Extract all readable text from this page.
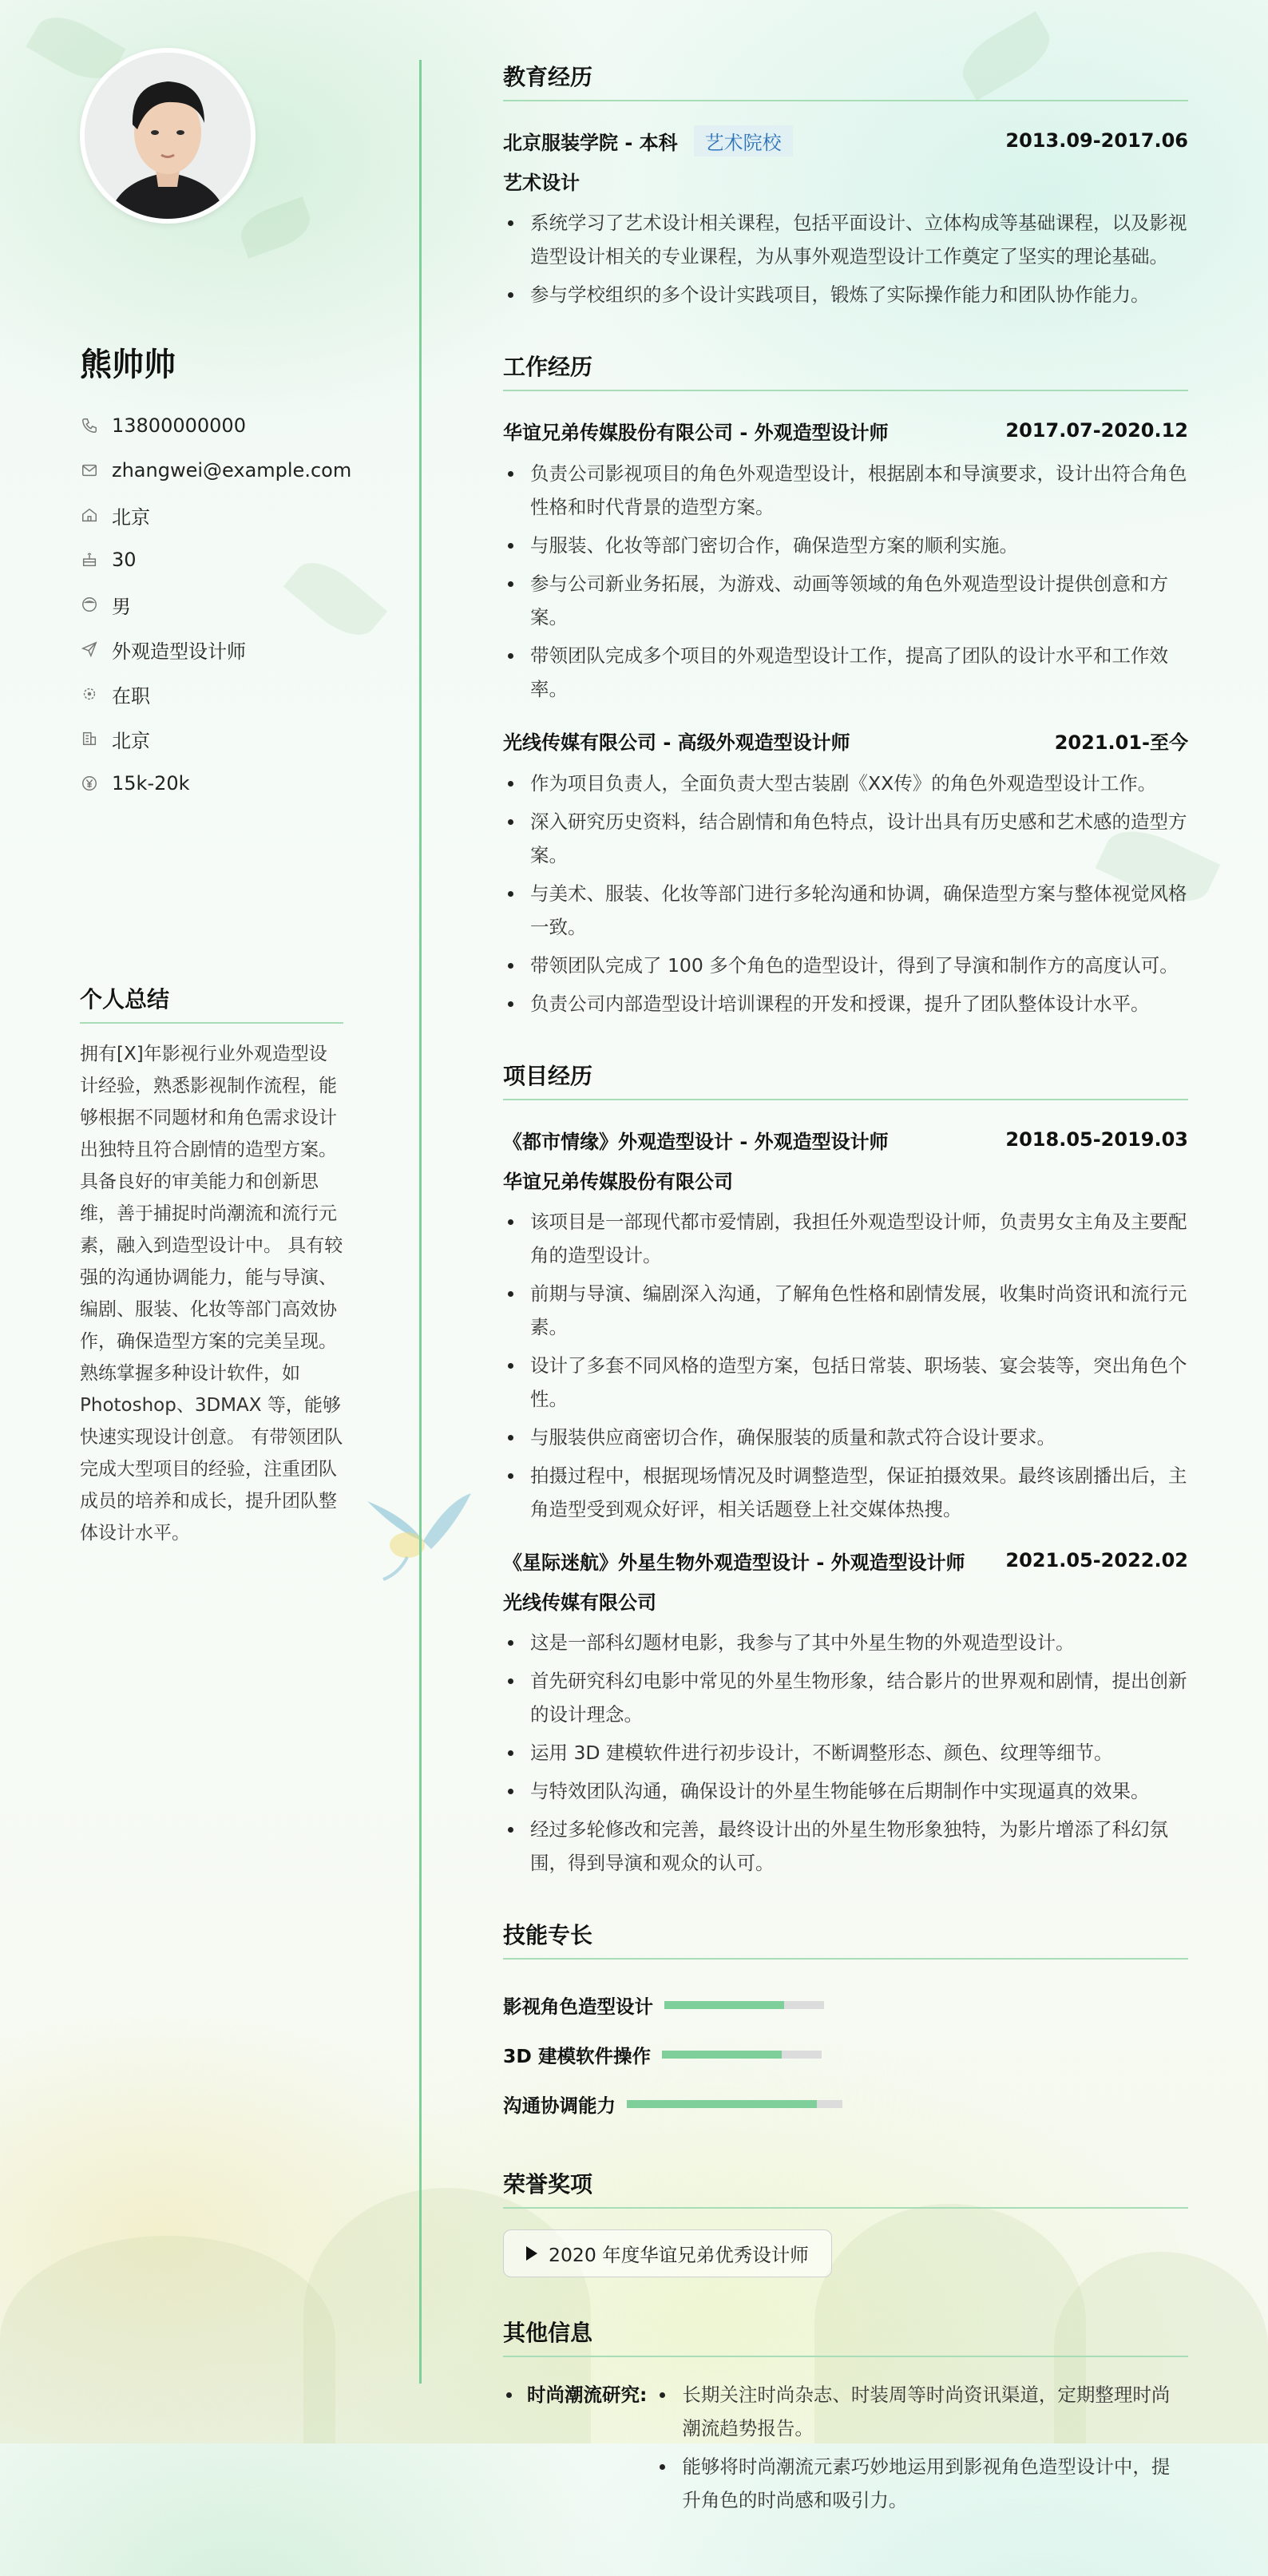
熊帅帅
13800000000
zhangwei@example.com
北京
30
男
外观造型设计师
在职
北京
15k-20k
个人总结
拥有[X]年影视行业外观造型设计经验，熟悉影视制作流程，能够根据不同题材和角色需求设计出独特且符合剧情的造型方案。 具备良好的审美能力和创新思维，善于捕捉时尚潮流和流行元素，融入到造型设计中。 具有较强的沟通协调能力，能与导演、编剧、服装、化妆等部门高效协作，确保造型方案的完美呈现。 熟练掌握多种设计软件，如 Photoshop、3DMAX 等，能够快速实现设计创意。 有带领团队完成大型项目的经验，注重团队成员的培养和成长，提升团队整体设计水平。
教育经历
北京服装学院 - 本科 艺术院校	2013.09-2017.06
艺术设计
系统学习了艺术设计相关课程，包括平面设计、立体构成等基础课程，以及影视造型设计相关的专业课程，为从事外观造型设计工作奠定了坚实的理论基础。
参与学校组织的多个设计实践项目，锻炼了实际操作能力和团队协作能力。
工作经历
华谊兄弟传媒股份有限公司 - 外观造型设计师	2017.07-2020.12
负责公司影视项目的角色外观造型设计，根据剧本和导演要求，设计出符合角色性格和时代背景的造型方案。
与服装、化妆等部门密切合作，确保造型方案的顺利实施。
参与公司新业务拓展，为游戏、动画等领域的角色外观造型设计提供创意和方案。
带领团队完成多个项目的外观造型设计工作，提高了团队的设计水平和工作效率。
光线传媒有限公司 - 高级外观造型设计师	2021.01-至今
作为项目负责人，全面负责大型古装剧《XX传》的角色外观造型设计工作。
深入研究历史资料，结合剧情和角色特点，设计出具有历史感和艺术感的造型方案。
与美术、服装、化妆等部门进行多轮沟通和协调，确保造型方案与整体视觉风格一致。
带领团队完成了 100 多个角色的造型设计，得到了导演和制作方的高度认可。
负责公司内部造型设计培训课程的开发和授课，提升了团队整体设计水平。
项目经历
《都市情缘》外观造型设计 - 外观造型设计师	2018.05-2019.03
华谊兄弟传媒股份有限公司
该项目是一部现代都市爱情剧，我担任外观造型设计师，负责男女主角及主要配角的造型设计。
前期与导演、编剧深入沟通，了解角色性格和剧情发展，收集时尚资讯和流行元素。
设计了多套不同风格的造型方案，包括日常装、职场装、宴会装等，突出角色个性。
与服装供应商密切合作，确保服装的质量和款式符合设计要求。
拍摄过程中，根据现场情况及时调整造型，保证拍摄效果。最终该剧播出后，主角造型受到观众好评，相关话题登上社交媒体热搜。
《星际迷航》外星生物外观造型设计 - 外观造型设计师 2021.05-2022.02
光线传媒有限公司
这是一部科幻题材电影，我参与了其中外星生物的外观造型设计。
首先研究科幻电影中常见的外星生物形象，结合影片的世界观和剧情，提出创新的设计理念。
运用 3D 建模软件进行初步设计，不断调整形态、颜色、纹理等细节。
与特效团队沟通，确保设计的外星生物能够在后期制作中实现逼真的效果。
经过多轮修改和完善，最终设计出的外星生物形象独特，为影片增添了科幻氛围，得到导演和观众的认可。
技能专长
影视角色造型设计
3D 建模软件操作
沟通协调能力
荣誉奖项
2020 年度华谊兄弟优秀设计师
其他信息
时尚潮流研究:	长期关注时尚杂志、时装周等时尚资讯渠道，定期整理时尚潮流趋势报告。
能够将时尚潮流元素巧妙地运用到影视角色造型设计中，提升角色的时尚感和吸引力。
